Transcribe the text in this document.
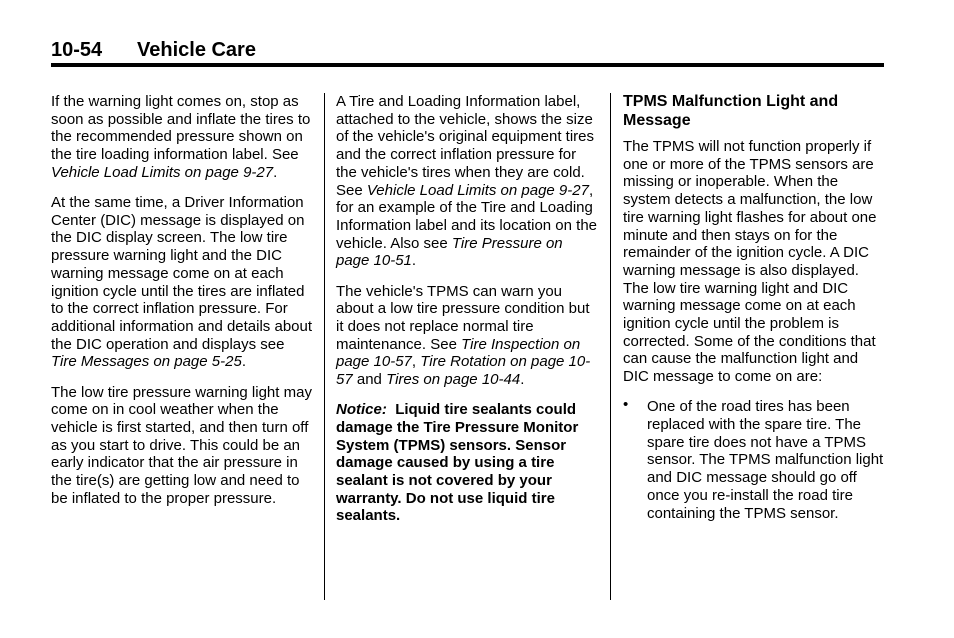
10-54 Vehicle Care

If the warning light comes on, stop as soon as possible and inflate the tires to the recommended pressure shown on the tire loading information label. See Vehicle Load Limits on page 9-27.

At the same time, a Driver Information Center (DIC) message is displayed on the DIC display screen. The low tire pressure warning light and the DIC warning message come on at each ignition cycle until the tires are inflated to the correct inflation pressure. For additional information and details about the DIC operation and displays see Tire Messages on page 5-25.

The low tire pressure warning light may come on in cool weather when the vehicle is first started, and then turn off as you start to drive. This could be an early indicator that the air pressure in the tire(s) are getting low and need to be inflated to the proper pressure.

A Tire and Loading Information label, attached to the vehicle, shows the size of the vehicle's original equipment tires and the correct inflation pressure for the vehicle's tires when they are cold. See Vehicle Load Limits on page 9-27, for an example of the Tire and Loading Information label and its location on the vehicle. Also see Tire Pressure on page 10-51.

The vehicle's TPMS can warn you about a low tire pressure condition but it does not replace normal tire maintenance. See Tire Inspection on page 10-57, Tire Rotation on page 10-57 and Tires on page 10-44.

Notice: Liquid tire sealants could damage the Tire Pressure Monitor System (TPMS) sensors. Sensor damage caused by using a tire sealant is not covered by your warranty. Do not use liquid tire sealants.

TPMS Malfunction Light and Message

The TPMS will not function properly if one or more of the TPMS sensors are missing or inoperable. When the system detects a malfunction, the low tire warning light flashes for about one minute and then stays on for the remainder of the ignition cycle. A DIC warning message is also displayed. The low tire warning light and DIC warning message come on at each ignition cycle until the problem is corrected. Some of the conditions that can cause the malfunction light and DIC message to come on are:

• One of the road tires has been replaced with the spare tire. The spare tire does not have a TPMS sensor. The TPMS malfunction light and DIC message should go off once you re-install the road tire containing the TPMS sensor.
